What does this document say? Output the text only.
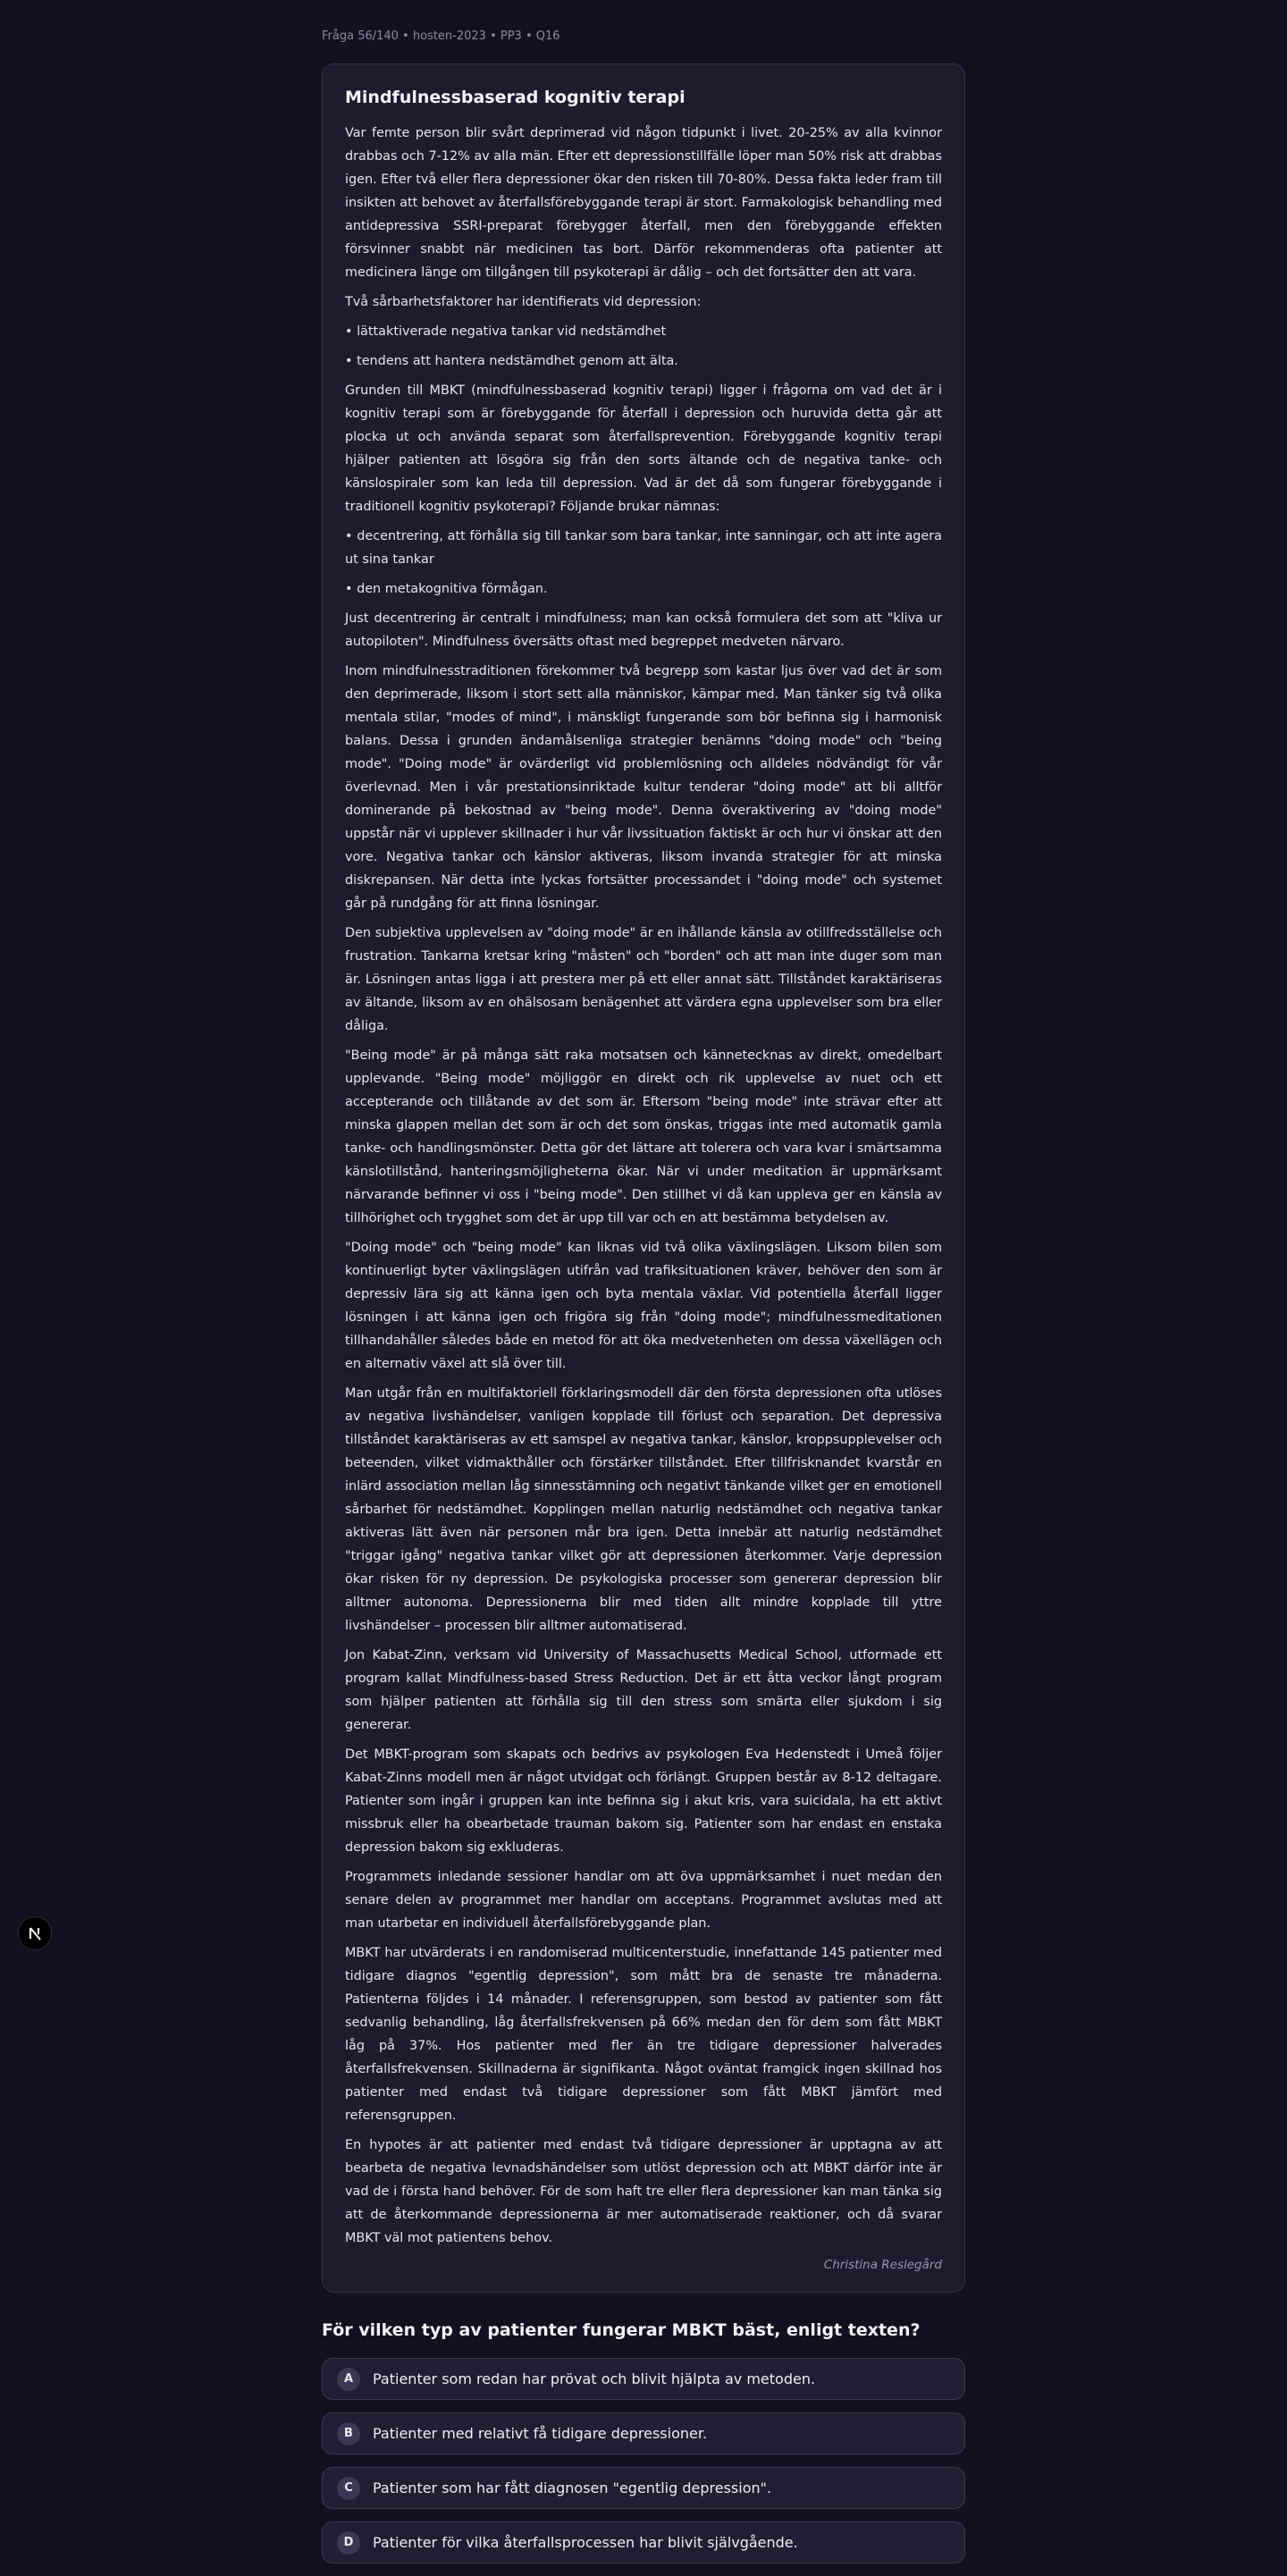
Fråga 56/140 • hosten-2023 • PP3 • Q16
Mindfulnessbaserad kognitiv terapi

Var femte person blir svårt deprimerad vid någon tidpunkt i livet. 20-25% av alla kvinnor drabbas och 7-12% av alla män. Efter ett depressionstillfälle löper man 50% risk att drabbas igen. Efter två eller flera depressioner ökar den risken till 70-80%. Dessa fakta leder fram till insikten att behovet av återfallsförebyggande terapi är stort. Farmakologisk behandling med antidepressiva SSRI-preparat förebygger återfall, men den förebyggande effekten försvinner snabbt när medicinen tas bort. Därför rekommenderas ofta patienter att medicinera länge om tillgången till psykoterapi är dålig – och det fortsätter den att vara.

Två sårbarhetsfaktorer har identifierats vid depression:

• lättaktiverade negativa tankar vid nedstämdhet

• tendens att hantera nedstämdhet genom att älta.

Grunden till MBKT (mindfulnessbaserad kognitiv terapi) ligger i frågorna om vad det är i kognitiv terapi som är förebyggande för återfall i depression och huruvida detta går att plocka ut och använda separat som återfallsprevention. Förebyggande kognitiv terapi hjälper patienten att lösgöra sig från den sorts ältande och de negativa tanke- och känslospiraler som kan leda till depression. Vad är det då som fungerar förebyggande i traditionell kognitiv psykoterapi? Följande brukar nämnas:

• decentrering, att förhålla sig till tankar som bara tankar, inte sanningar, och att inte agera ut sina tankar

• den metakognitiva förmågan.

Just decentrering är centralt i mindfulness; man kan också formulera det som att "kliva ur autopiloten". Mindfulness översätts oftast med begreppet medveten närvaro.

Inom mindfulnesstraditionen förekommer två begrepp som kastar ljus över vad det är som den deprimerade, liksom i stort sett alla människor, kämpar med. Man tänker sig två olika mentala stilar, "modes of mind", i mänskligt fungerande som bör befinna sig i harmonisk balans. Dessa i grunden ändamålsenliga strategier benämns "doing mode" och "being mode". "Doing mode" är ovärderligt vid problemlösning och alldeles nödvändigt för vår överlevnad. Men i vår prestationsinriktade kultur tenderar "doing mode" att bli alltför dominerande på bekostnad av "being mode". Denna överaktivering av "doing mode" uppstår när vi upplever skillnader i hur vår livssituation faktiskt är och hur vi önskar att den vore. Negativa tankar och känslor aktiveras, liksom invanda strategier för att minska diskrepansen. När detta inte lyckas fortsätter processandet i "doing mode" och systemet går på rundgång för att finna lösningar.

Den subjektiva upplevelsen av "doing mode" är en ihållande känsla av otillfredsställelse och frustration. Tankarna kretsar kring "måsten" och "borden" och att man inte duger som man är. Lösningen antas ligga i att prestera mer på ett eller annat sätt. Tillståndet karaktäriseras av ältande, liksom av en ohälsosam benägenhet att värdera egna upplevelser som bra eller dåliga.

"Being mode" är på många sätt raka motsatsen och kännetecknas av direkt, omedelbart upplevande. "Being mode" möjliggör en direkt och rik upplevelse av nuet och ett accepterande och tillåtande av det som är. Eftersom "being mode" inte strävar efter att minska glappen mellan det som är och det som önskas, triggas inte med automatik gamla tanke- och handlingsmönster. Detta gör det lättare att tolerera och vara kvar i smärtsamma känslotillstånd, hanteringsmöjligheterna ökar. När vi under meditation är uppmärksamt närvarande befinner vi oss i "being mode". Den stillhet vi då kan uppleva ger en känsla av tillhörighet och trygghet som det är upp till var och en att bestämma betydelsen av.

"Doing mode" och "being mode" kan liknas vid två olika växlingslägen. Liksom bilen som kontinuerligt byter växlingslägen utifrån vad trafiksituationen kräver, behöver den som är depressiv lära sig att känna igen och byta mentala växlar. Vid potentiella återfall ligger lösningen i att känna igen och frigöra sig från "doing mode"; mindfulnessmeditationen tillhandahåller således både en metod för att öka medvetenheten om dessa växellägen och en alternativ växel att slå över till.

Man utgår från en multifaktoriell förklaringsmodell där den första depressionen ofta utlöses av negativa livshändelser, vanligen kopplade till förlust och separation. Det depressiva tillståndet karaktäriseras av ett samspel av negativa tankar, känslor, kroppsupplevelser och beteenden, vilket vidmakthåller och förstärker tillståndet. Efter tillfrisknandet kvarstår en inlärd association mellan låg sinnesstämning och negativt tänkande vilket ger en emotionell sårbarhet för nedstämdhet. Kopplingen mellan naturlig nedstämdhet och negativa tankar aktiveras lätt även när personen mår bra igen. Detta innebär att naturlig nedstämdhet "triggar igång" negativa tankar vilket gör att depressionen återkommer. Varje depression ökar risken för ny depression. De psykologiska processer som genererar depression blir alltmer autonoma. Depressionerna blir med tiden allt mindre kopplade till yttre livshändelser – processen blir alltmer automatiserad.

Jon Kabat-Zinn, verksam vid University of Massachusetts Medical School, utformade ett program kallat Mindfulness-based Stress Reduction. Det är ett åtta veckor långt program som hjälper patienten att förhålla sig till den stress som smärta eller sjukdom i sig genererar.

Det MBKT-program som skapats och bedrivs av psykologen Eva Hedenstedt i Umeå följer Kabat-Zinns modell men är något utvidgat och förlängt. Gruppen består av 8-12 deltagare. Patienter som ingår i gruppen kan inte befinna sig i akut kris, vara suicidala, ha ett aktivt missbruk eller ha obearbetade trauman bakom sig. Patienter som har endast en enstaka depression bakom sig exkluderas.

Programmets inledande sessioner handlar om att öva uppmärksamhet i nuet medan den senare delen av programmet mer handlar om acceptans. Programmet avslutas med att man utarbetar en individuell återfallsförebyggande plan.

MBKT har utvärderats i en randomiserad multicenterstudie, innefattande 145 patienter med tidigare diagnos "egentlig depression", som mått bra de senaste tre månaderna. Patienterna följdes i 14 månader. I referensgruppen, som bestod av patienter som fått sedvanlig behandling, låg återfallsfrekvensen på 66% medan den för dem som fått MBKT låg på 37%. Hos patienter med fler än tre tidigare depressioner halverades återfallsfrekvensen. Skillnaderna är signifikanta. Något oväntat framgick ingen skillnad hos patienter med endast två tidigare depressioner som fått MBKT jämfört med referensgruppen.

En hypotes är att patienter med endast två tidigare depressioner är upptagna av att bearbeta de negativa levnadshändelser som utlöst depression och att MBKT därför inte är vad de i första hand behöver. För de som haft tre eller flera depressioner kan man tänka sig att de återkommande depressionerna är mer automatiserade reaktioner, och då svarar MBKT väl mot patientens behov.

Christina Reslegård
För vilken typ av patienter fungerar MBKT bäst, enligt texten?
A	Patienter som redan har prövat och blivit hjälpta av metoden.
B	Patienter med relativt få tidigare depressioner.
C	Patienter som har fått diagnosen "egentlig depression".
D	Patienter för vilka återfallsprocessen har blivit självgående.
